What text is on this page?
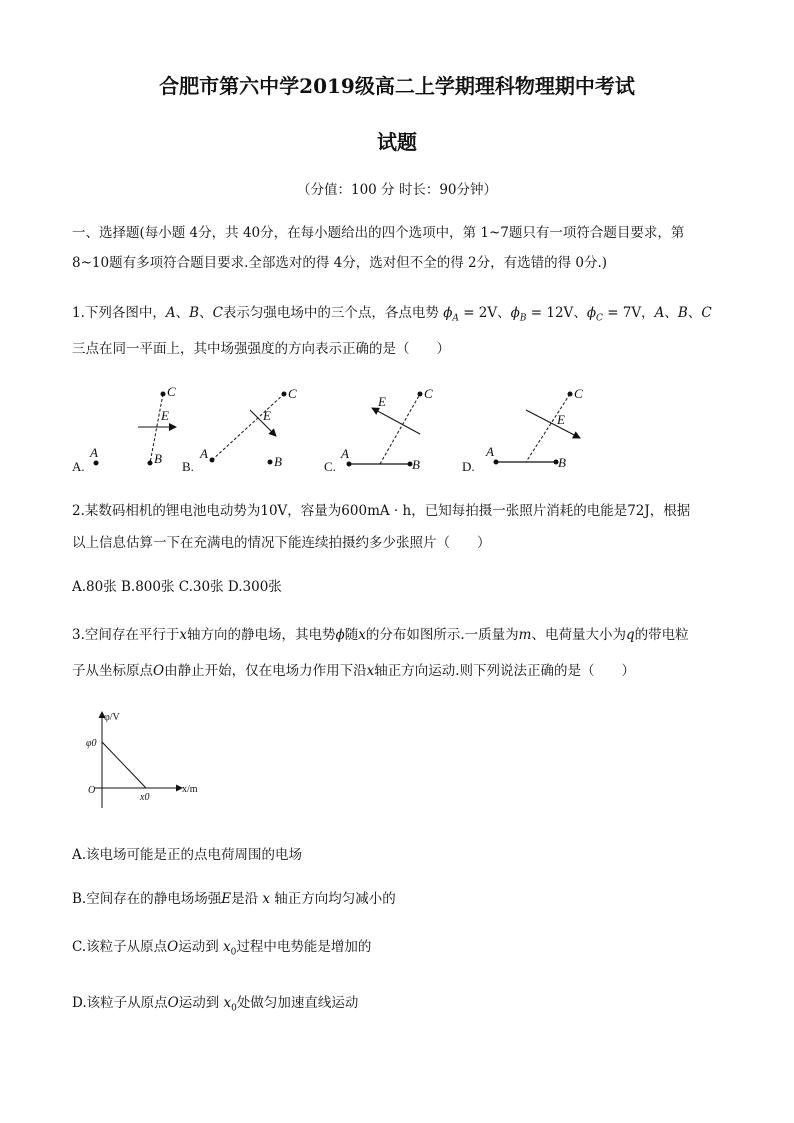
合肥市第六中学2019级高二上学期理科物理期中考试
试题
（分值：100 分 时长：90分钟）
一、选择题(每小题 4分，共 40分，在每小题给出的四个选项中，第 1~7题只有一项符合题目要求，第 8~10题有多项符合题目要求.全部选对的得 4分，选对但不全的得 2分，有选错的得 0分.)
1.下列各图中，A、B、C表示匀强电场中的三个点，各点电势 $\phi_A = 2V$、$\phi_B = 12V$、$\phi_C = 7V$，A、B、C
三点在同一平面上，其中场强强度的方向表示正确的是（　　）
A.
A	B
C
E
B.
A
B
C
E
C.
A
B
C
E
D.
A
B
C
E
2.某数码相机的锂电池电动势为10V，容量为600mA · h，已知每拍摄一张照片消耗的电能是72J，根据
以上信息估算一下在充满电的情况下能连续拍摄约多少张照片（　　）
A.80张 B.800张 C.30张 D.300张
3.空间存在平行于x轴方向的静电场，其电势ϕ随x的分布如图所示.一质量为m、电荷量大小为q的带电粒
子从坐标原点O由静止开始，仅在电场力作用下沿x轴正方向运动.则下列说法正确的是（　　）
φ/V
φ0
O
x0
x/m
A.该电场可能是正的点电荷周围的电场
B.空间存在的静电场场强E是沿 x 轴正方向均匀减小的
C.该粒子从原点O运动到 $x_0$过程中电势能是增加的
D.该粒子从原点O运动到 $x_0$处做匀加速直线运动
